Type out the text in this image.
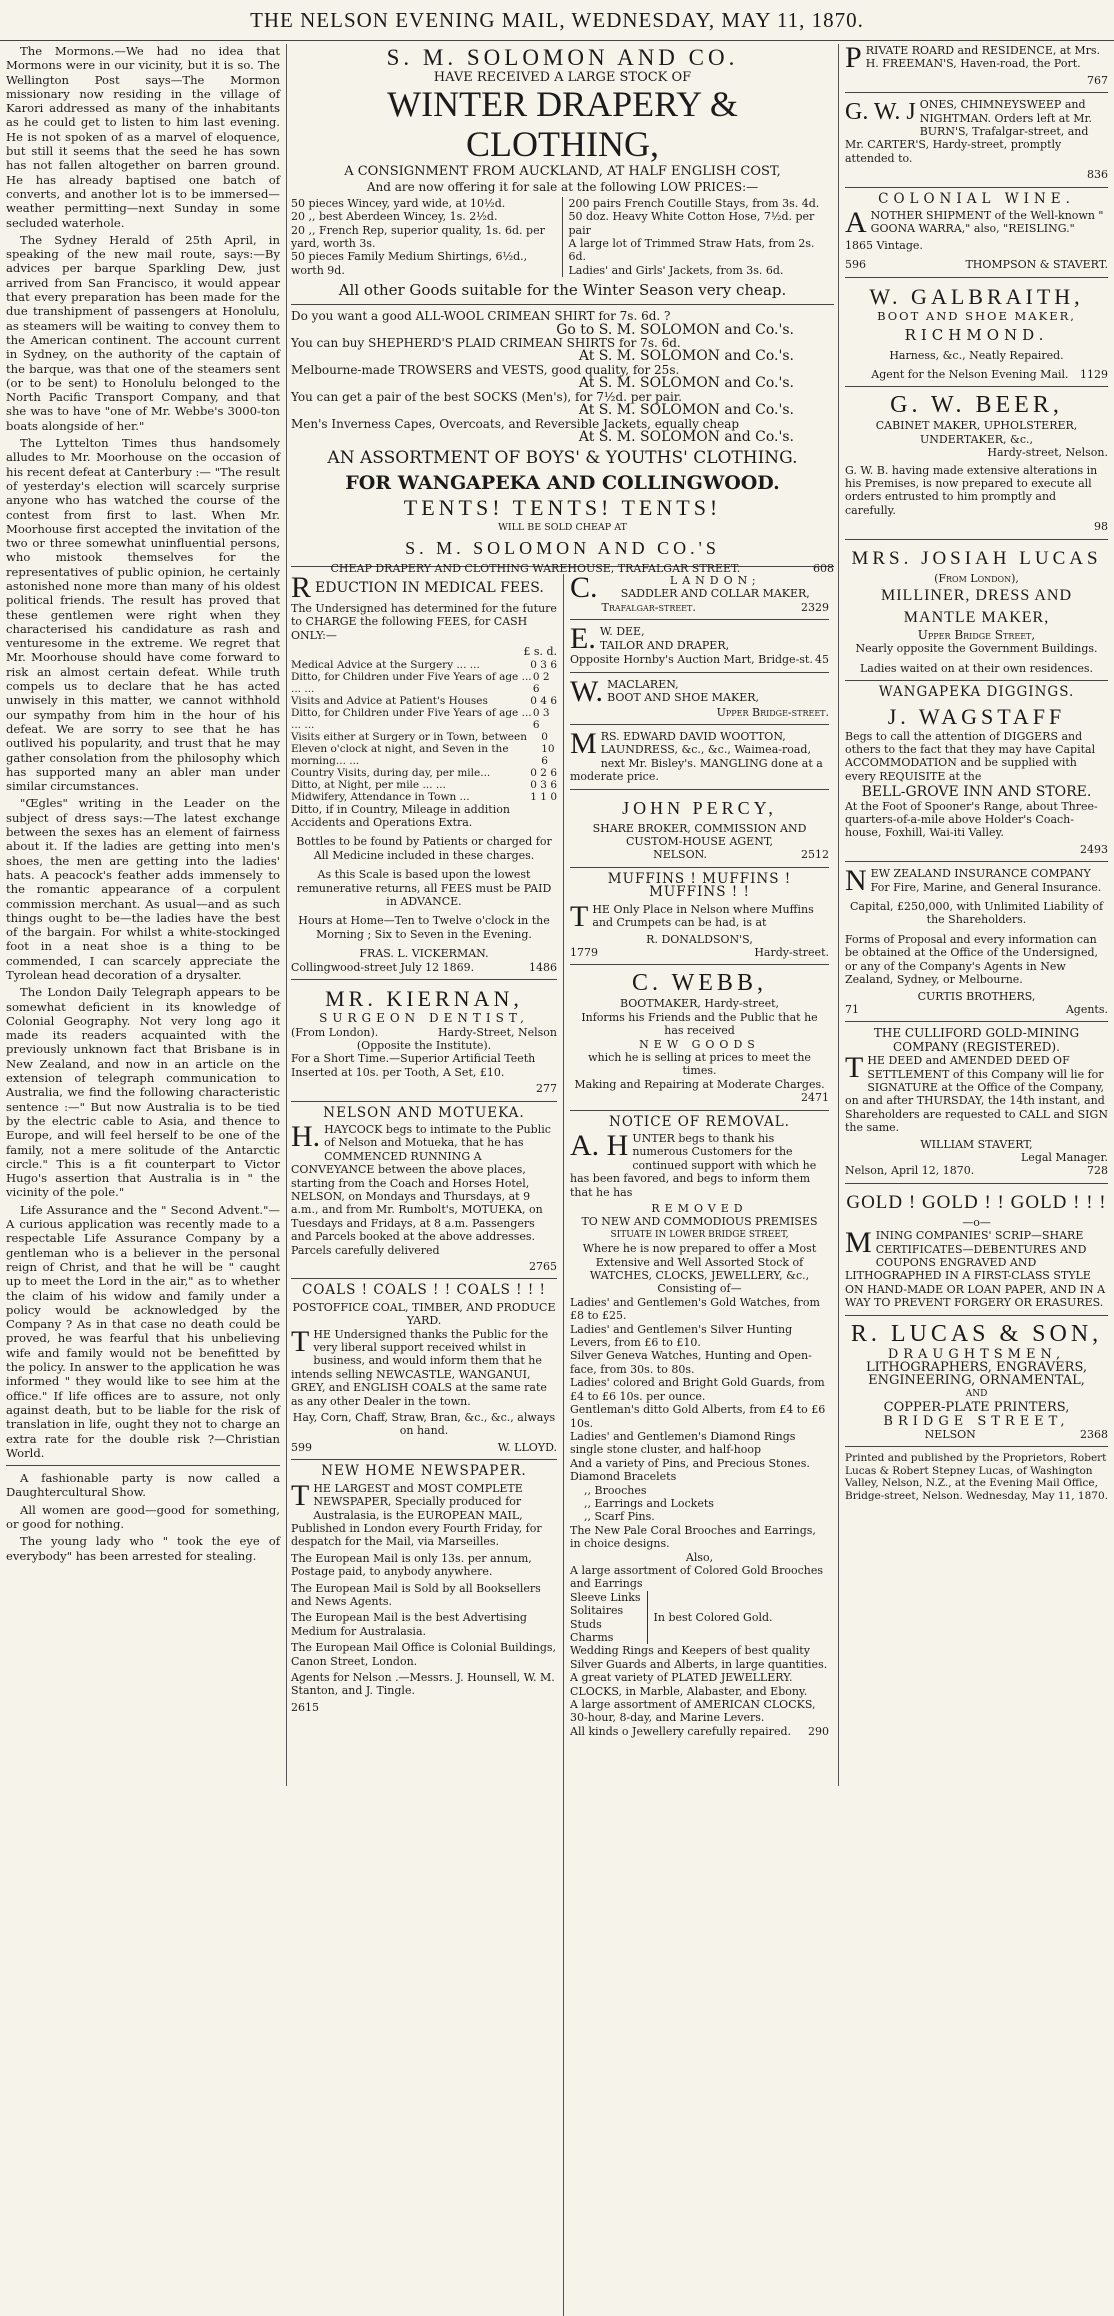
THE NELSON EVENING MAIL, WEDNESDAY, MAY 11, 1870.

The Mormons.—We had no idea that Mormons were in our vicinity, but it is so. The Wellington Post says—The Mormon missionary now residing in the village of Karori addressed as many of the inhabitants as he could get to listen to him last evening. He is not spoken of as a marvel of eloquence, but still it seems that the seed he has sown has not fallen altogether on barren ground. He has already baptised one batch of converts, and another lot is to be immersed—weather permitting—next Sunday in some secluded waterhole.

The Sydney Herald of 25th April, in speaking of the new mail route, says:—By advices per barque Sparkling Dew, just arrived from San Francisco, it would appear that every preparation has been made for the due transhipment of passengers at Honolulu, as steamers will be waiting to convey them to the American continent. The account current in Sydney, on the authority of the captain of the barque, was that one of the steamers sent (or to be sent) to Honolulu belonged to the North Pacific Transport Company, and that she was to have "one of Mr. Webbe's 3000-ton boats alongside of her."

The Lyttelton Times thus handsomely alludes to Mr. Moorhouse on the occasion of his recent defeat at Canterbury :— "The result of yesterday's election will scarcely surprise anyone who has watched the course of the contest from first to last. When Mr. Moorhouse first accepted the invitation of the two or three somewhat uninfluential persons, who mistook themselves for the representatives of public opinion, he certainly astonished none more than many of his oldest political friends. The result has proved that these gentlemen were right when they characterised his candidature as rash and venturesome in the extreme. We regret that Mr. Moorhouse should have come forward to risk an almost certain defeat. While truth compels us to declare that he has acted unwisely in this matter, we cannot withhold our sympathy from him in the hour of his defeat. We are sorry to see that he has outlived his popularity, and trust that he may gather consolation from the philosophy which has supported many an abler man under similar circumstances.

"Œgles" writing in the Leader on the subject of dress says:—The latest exchange between the sexes has an element of fairness about it. If the ladies are getting into men's shoes, the men are getting into the ladies' hats. A peacock's feather adds immensely to the romantic appearance of a corpulent commission merchant. As usual—and as such things ought to be—the ladies have the best of the bargain. For whilst a white-stockinged foot in a neat shoe is a thing to be commended, I can scarcely appreciate the Tyrolean head decoration of a drysalter.

The London Daily Telegraph appears to be somewhat deficient in its knowledge of Colonial Geography. Not very long ago it made its readers acquainted with the previously unknown fact that Brisbane is in New Zealand, and now in an article on the extension of telegraph communication to Australia, we find the following characteristic sentence :—" But now Australia is to be tied by the electric cable to Asia, and thence to Europe, and will feel herself to be one of the family, not a mere solitude of the Antarctic circle." This is a fit counterpart to Victor Hugo's assertion that Australia is in " the vicinity of the pole."

Life Assurance and the " Second Advent."—A curious application was recently made to a respectable Life Assurance Company by a gentleman who is a believer in the personal reign of Christ, and that he will be " caught up to meet the Lord in the air," as to whether the claim of his widow and family under a policy would be acknowledged by the Company ? As in that case no death could be proved, he was fearful that his unbelieving wife and family would not be benefitted by the policy. In answer to the application he was informed " they would like to see him at the office." If life offices are to assure, not only against death, but to be liable for the risk of translation in life, ought they not to charge an extra rate for the double risk ?—Christian World.

A fashionable party is now called a Daughtercultural Show.

All women are good—good for something, or good for nothing.

The young lady who " took the eye of everybody" has been arrested for stealing.

S. M. SOLOMON AND CO.
HAVE RECEIVED A LARGE STOCK OF
WINTER DRAPERY & CLOTHING,
A CONSIGNMENT FROM AUCKLAND, AT HALF ENGLISH COST,
And are now offering it for sale at the following LOW PRICES:—
50 pieces Wincey, yard wide, at 10½d.
20 ,, best Aberdeen Wincey, 1s. 2½d.
20 ,, French Rep, superior quality, 1s. 6d. per yard, worth 3s.
50 pieces Family Medium Shirtings, 6½d., worth 9d.
200 pairs French Coutille Stays, from 3s. 4d.
50 doz. Heavy White Cotton Hose, 7½d. per pair
A large lot of Trimmed Straw Hats, from 2s. 6d.
Ladies' and Girls' Jackets, from 3s. 6d.
All other Goods suitable for the Winter Season very cheap.
Do you want a good ALL-WOOL CRIMEAN SHIRT for 7s. 6d. ?
Go to S. M. SOLOMON and Co.'s.
You can buy SHEPHERD'S PLAID CRIMEAN SHIRTS for 7s. 6d.
At S. M. SOLOMON and Co.'s.
Melbourne-made TROWSERS and VESTS, good quality, for 25s.
At S. M. SOLOMON and Co.'s.
You can get a pair of the best SOCKS (Men's), for 7½d. per pair.
At S. M. SOLOMON and Co.'s.
Men's Inverness Capes, Overcoats, and Reversible Jackets, equally cheap
At S. M. SOLOMON and Co.'s.
AN ASSORTMENT OF BOYS' & YOUTHS' CLOTHING.
FOR WANGAPEKA AND COLLINGWOOD.
TENTS! TENTS! TENTS!
WILL BE SOLD CHEAP AT
S. M. SOLOMON AND CO.'S
CHEAP DRAPERY AND CLOTHING WAREHOUSE, TRAFALGAR STREET.	608
R EDUCTION IN MEDICAL FEES.

The Undersigned has determined for the future to CHARGE the following FEES, for CASH ONLY:—

£ s. d.
Medical Advice at the Surgery ... ...	0 3 6
Ditto, for Children under Five Years of age ... ... ...
0 2 6
Visits and Advice at Patient's Houses	0 4 6
Ditto, for Children under Five Years of age ... ... ...
0 3 6
Visits either at Surgery or in Town, between Eleven o'clock at night, and Seven in the morning... ...
0 10 6
Country Visits, during day, per mile...	0 2 6
Ditto, at Night, per mile ... ...	0 3 6
Midwifery, Attendance in Town ...	1 1 0

Ditto, if in Country, Mileage in addition Accidents and Operations Extra.

Bottles to be found by Patients or charged for All Medicine included in these charges.

As this Scale is based upon the lowest remunerative returns, all FEES must be PAID in ADVANCE.

Hours at Home—Ten to Twelve o'clock in the Morning ; Six to Seven in the Evening.

FRAS. L. VICKERMAN.
Collingwood-street July 12 1869.	1486
MR. KIERNAN,
SURGEON DENTIST,
(From London).	Hardy-Street, Nelson
(Opposite the Institute).

For a Short Time.—Superior Artificial Teeth Inserted at 10s. per Tooth, A Set, £10.

277
NELSON AND MOTUEKA.
H. HAYCOCK begs to intimate to the Public of Nelson and Motueka, that he has COMMENCED RUNNING A CONVEYANCE between the above places, starting from the Coach and Horses Hotel, NELSON, on Mondays and Thursdays, at 9 a.m., and from Mr. Rumbolt's, MOTUEKA, on Tuesdays and Fridays, at 8 a.m. Passengers and Parcels booked at the above addresses. Parcels carefully delivered

2765
COALS ! COALS ! ! COALS ! ! !
POSTOFFICE COAL, TIMBER, AND PRODUCE YARD.
T HE Undersigned thanks the Public for the very liberal support received whilst in business, and would inform them that he intends selling NEWCASTLE, WANGANUI, GREY, and ENGLISH COALS at the same rate as any other Dealer in the town.

Hay, Corn, Chaff, Straw, Bran, &c., &c., always on hand.

599	W. LLOYD.
NEW HOME NEWSPAPER.
T HE LARGEST and MOST COMPLETE NEWSPAPER, Specially produced for Australasia, is the EUROPEAN MAIL, Published in London every Fourth Friday, for despatch for the Mail, via Marseilles.

The European Mail is only 13s. per annum, Postage paid, to anybody anywhere.

The European Mail is Sold by all Booksellers and News Agents.

The European Mail is the best Advertising Medium for Australasia.

The European Mail Office is Colonial Buildings, Canon Street, London.

Agents for Nelson .—Messrs. J. Hounsell, W. M. Stanton, and J. Tingle.

2615
C.	LANDON;
SADDLER AND COLLAR MAKER,
Trafalgar-street.	2329
E. W. DEE,
TAILOR AND DRAPER,
Opposite Hornby's Auction Mart, Bridge-st. 45
W. MACLAREN,
BOOT AND SHOE MAKER,
Upper Bridge-street.
M RS. EDWARD DAVID WOOTTON, LAUNDRESS, &c., &c., Waimea-road, next Mr. Bisley's. MANGLING done at a moderate price.

JOHN PERCY,
SHARE BROKER, COMMISSION AND CUSTOM-HOUSE AGENT,
NELSON.	2512
MUFFINS ! MUFFINS ! MUFFINS ! !
T HE Only Place in Nelson where Muffins and Crumpets can be had, is at

R. DONALDSON'S,
1779	Hardy-street.
C. WEBB,
BOOTMAKER, Hardy-street,
Informs his Friends and the Public that he has received
NEW GOODS
which he is selling at prices to meet the times.
Making and Repairing at Moderate Charges.
2471
NOTICE OF REMOVAL.
A. H UNTER begs to thank his numerous Customers for the continued support with which he has been favored, and begs to inform them that he has

REMOVED
TO NEW AND COMMODIOUS PREMISES
SITUATE IN LOWER BRIDGE STREET,
Where he is now prepared to offer a Most Extensive and Well Assorted Stock of
WATCHES, CLOCKS, JEWELLERY, &c.,
Consisting of—
Ladies' and Gentlemen's Gold Watches, from £8 to £25.
Ladies' and Gentlemen's Silver Hunting Levers, from £6 to £10.
Silver Geneva Watches, Hunting and Open-face, from 30s. to 80s.
Ladies' colored and Bright Gold Guards, from £4 to £6 10s. per ounce.
Gentleman's ditto Gold Alberts, from £4 to £6 10s.
Ladies' and Gentlemen's Diamond Rings single stone cluster, and half-hoop
And a variety of Pins, and Precious Stones.
Diamond Bracelets
,, Brooches
,, Earrings and Lockets
,, Scarf Pins.
The New Pale Coral Brooches and Earrings, in choice designs.
Also,
A large assortment of Colored Gold Brooches and Earrings
Sleeve Links
Solitaires
Studs
Charms
In best Colored Gold.
Wedding Rings and Keepers of best quality Silver Guards and Alberts, in large quantities.
A great variety of PLATED JEWELLERY.
CLOCKS, in Marble, Alabaster, and Ebony.
A large assortment of AMERICAN CLOCKS, 30-hour, 8-day, and Marine Levers.
All kinds o Jewellery carefully repaired. 290
P RIVATE ROARD and RESIDENCE, at Mrs. H. FREEMAN'S, Haven-road, the Port.

767
G. W. J ONES, CHIMNEYSWEEP and NIGHTMAN. Orders left at Mr. BURN'S, Trafalgar-street, and Mr. CARTER'S, Hardy-street, promptly attended to.

836
COLONIAL WINE.
A NOTHER SHIPMENT of the Well-known " GOONA WARRA," also, "REISLING."

1865 Vintage.
596	THOMPSON & STAVERT.
W. GALBRAITH,
BOOT AND SHOE MAKER,
RICHMOND.
Harness, &c., Neatly Repaired.
Agent for the Nelson Evening Mail. 1129
G. W. BEER,
CABINET MAKER, UPHOLSTERER,
UNDERTAKER, &c.,
Hardy-street, Nelson.

G. W. B. having made extensive alterations in his Premises, is now prepared to execute all orders entrusted to him promptly and carefully.

98
MRS. JOSIAH LUCAS
(From London),
MILLINER, DRESS AND MANTLE MAKER,
Upper Bridge Street,
Nearly opposite the Government Buildings.
Ladies waited on at their own residences.
WANGAPEKA DIGGINGS.
J. WAGSTAFF

Begs to call the attention of DIGGERS and others to the fact that they may have Capital ACCOMMODATION and be supplied with every REQUISITE at the

BELL-GROVE INN AND STORE.

At the Foot of Spooner's Range, about Three-quarters-of-a-mile above Holder's Coach-house, Foxhill, Wai-iti Valley.

2493
N EW ZEALAND INSURANCE COMPANY For Fire, Marine, and General Insurance.

Capital, £250,000, with Unlimited Liability of the Shareholders.

Forms of Proposal and every information can be obtained at the Office of the Undersigned, or any of the Company's Agents in New Zealand, Sydney, or Melbourne.

CURTIS BROTHERS,
71	Agents.
THE CULLIFORD GOLD-MINING COMPANY (REGISTERED).
T HE DEED and AMENDED DEED OF SETTLEMENT of this Company will lie for SIGNATURE at the Office of the Company, on and after THURSDAY, the 14th instant, and Shareholders are requested to CALL and SIGN the same.

WILLIAM STAVERT,
Legal Manager.
Nelson, April 12, 1870.	728
GOLD ! GOLD ! ! GOLD ! ! !
—o—
M INING COMPANIES' SCRIP—SHARE CERTIFICATES—DEBENTURES AND COUPONS ENGRAVED AND LITHOGRAPHED IN A FIRST-CLASS STYLE ON HAND-MADE OR LOAN PAPER, AND IN A WAY TO PREVENT FORGERY OR ERASURES.

R. LUCAS & SON,
DRAUGHTSMEN,
LITHOGRAPHERS, ENGRAVERS,
ENGINEERING, ORNAMENTAL,
AND
COPPER-PLATE PRINTERS,
BRIDGE STREET,
NELSON	2368

Printed and published by the Proprietors, Robert Lucas & Robert Stepney Lucas, of Washington Valley, Nelson, N.Z., at the Evening Mail Office, Bridge-street, Nelson. Wednesday, May 11, 1870.
